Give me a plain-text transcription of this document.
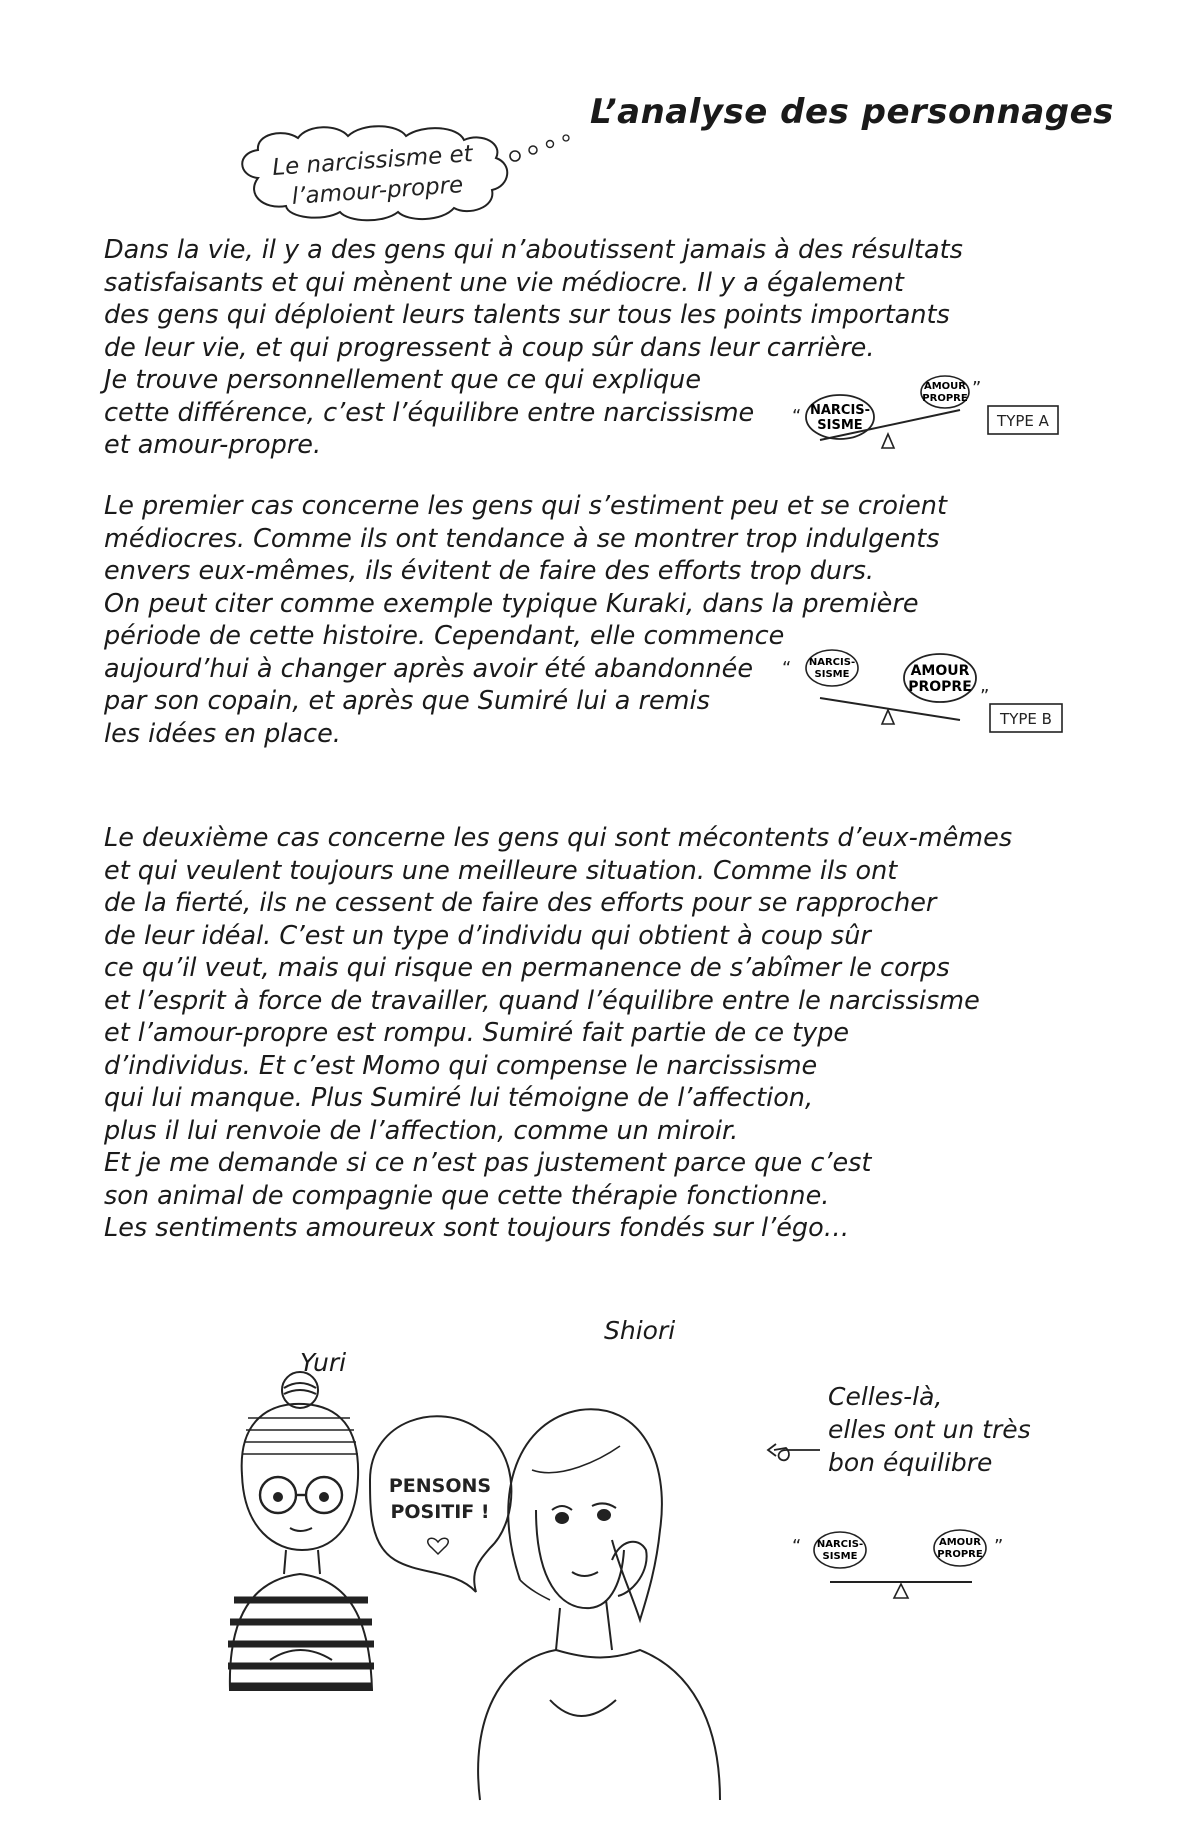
Le narcissisme et
l’amour-propre
L’analyse des personnages
Dans la vie, il y a des gens qui n’aboutissent jamais à des résultats
satisfaisants et qui mènent une vie médiocre. Il y a également
des gens qui déploient leurs talents sur tous les points importants
de leur vie, et qui progressent à coup sûr dans leur carrière.
Je trouve personnellement que ce qui explique
cette différence, c’est l’équilibre entre narcissisme
et amour-propre.
“ NARCIS-
SISME
AMOUR
PROPRE ”
TYPE A
Le premier cas concerne les gens qui s’estiment peu et se croient
médiocres. Comme ils ont tendance à se montrer trop indulgents
envers eux-mêmes, ils évitent de faire des efforts trop durs.
On peut citer comme exemple typique Kuraki, dans la première
période de cette histoire. Cependant, elle commence
aujourd’hui à changer après avoir été abandonnée
par son copain, et après que Sumiré lui a remis
les idées en place.
“ NARCIS-
SISME	AMOUR
PROPRE ”
TYPE B
Le deuxième cas concerne les gens qui sont mécontents d’eux-mêmes
et qui veulent toujours une meilleure situation. Comme ils ont
de la fierté, ils ne cessent de faire des efforts pour se rapprocher
de leur idéal. C’est un type d’individu qui obtient à coup sûr
ce qu’il veut, mais qui risque en permanence de s’abîmer le corps
et l’esprit à force de travailler, quand l’équilibre entre le narcissisme
et l’amour-propre est rompu. Sumiré fait partie de ce type
d’individus. Et c’est Momo qui compense le narcissisme
qui lui manque. Plus Sumiré lui témoigne de l’affection,
plus il lui renvoie de l’affection, comme un miroir.
Et je me demande si ce n’est pas justement parce que c’est
son animal de compagnie que cette thérapie fonctionne.
Les sentiments amoureux sont toujours fondés sur l’égo…
Yuri
Shiori
PENSONS
POSITIF !
Celles-là,
elles ont un très
bon équilibre
“ NARCIS-
SISME
AMOUR
PROPRE ”
